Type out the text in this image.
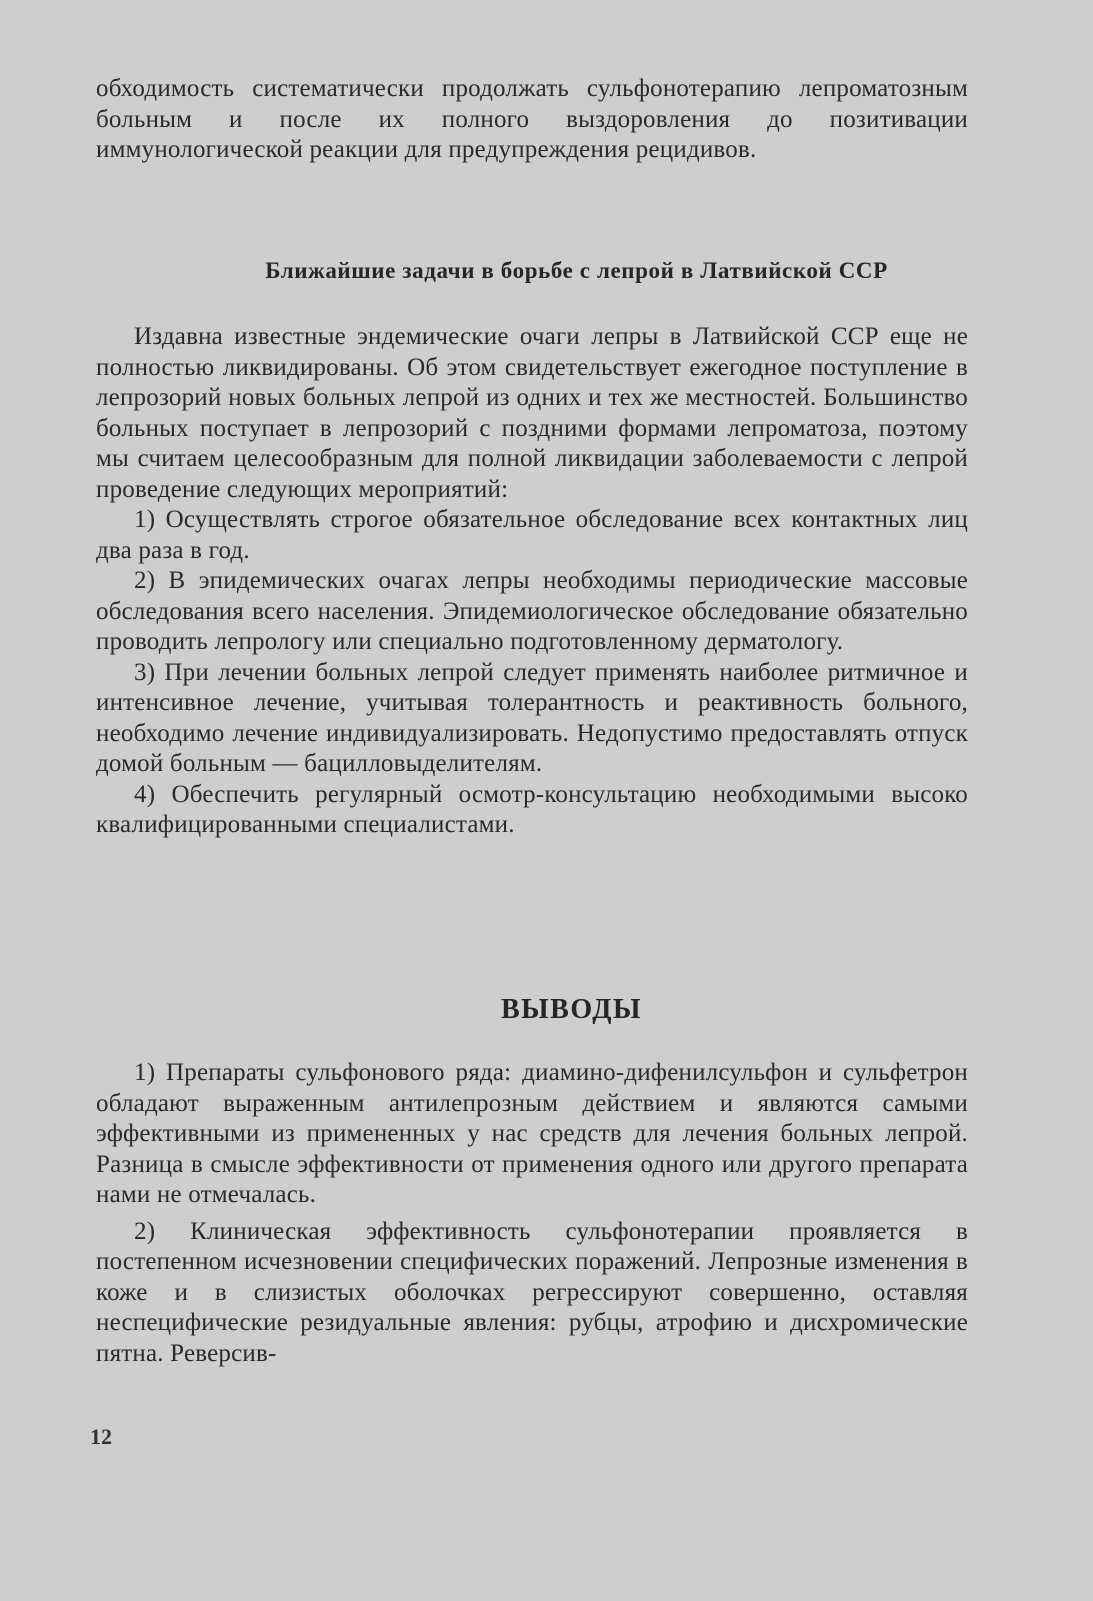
обходимость систематически продолжать сульфонотерапию лепроматозным больным и после их полного выздоровления до позитивации иммунологической реакции для предупреждения рецидивов.

Ближайшие задачи в борьбе с лепрой в Латвийской ССР

Издавна известные эндемические очаги лепры в Латвийской ССР еще не полностью ликвидированы. Об этом свидетельствует ежегодное поступление в лепрозорий новых больных лепрой из одних и тех же местностей. Большинство больных поступает в лепрозорий с поздними формами лепроматоза, поэтому мы считаем целесообразным для полной ликвидации заболеваемости с лепрой проведение следующих мероприятий:

1) Осуществлять строгое обязательное обследование всех контактных лиц два раза в год.

2) В эпидемических очагах лепры необходимы периодические массовые обследования всего населения. Эпидемиологическое обследование обязательно проводить лепрологу или специально подготовленному дерматологу.

3) При лечении больных лепрой следует применять наиболее ритмичное и интенсивное лечение, учитывая толерантность и реактивность больного, необходимо лечение индивидуализировать. Недопустимо предоставлять отпуск домой больным — бацилловыделителям.

4) Обеспечить регулярный осмотр-консультацию необходимыми высоко квалифицированными специалистами.

ВЫВОДЫ

1) Препараты сульфонового ряда: диамино-дифенилсульфон и сульфетрон обладают выраженным антилепрозным действием и являются самыми эффективными из примененных у нас средств для лечения больных лепрой. Разница в смысле эффективности от применения одного или другого препарата нами не отмечалась.

2) Клиническая эффективность сульфонотерапии проявляется в постепенном исчезновении специфических поражений. Лепрозные изменения в коже и в слизистых оболочках регрессируют совершенно, оставляя неспецифические резидуальные явления: рубцы, атрофию и дисхромические пятна. Реверсив-

12
